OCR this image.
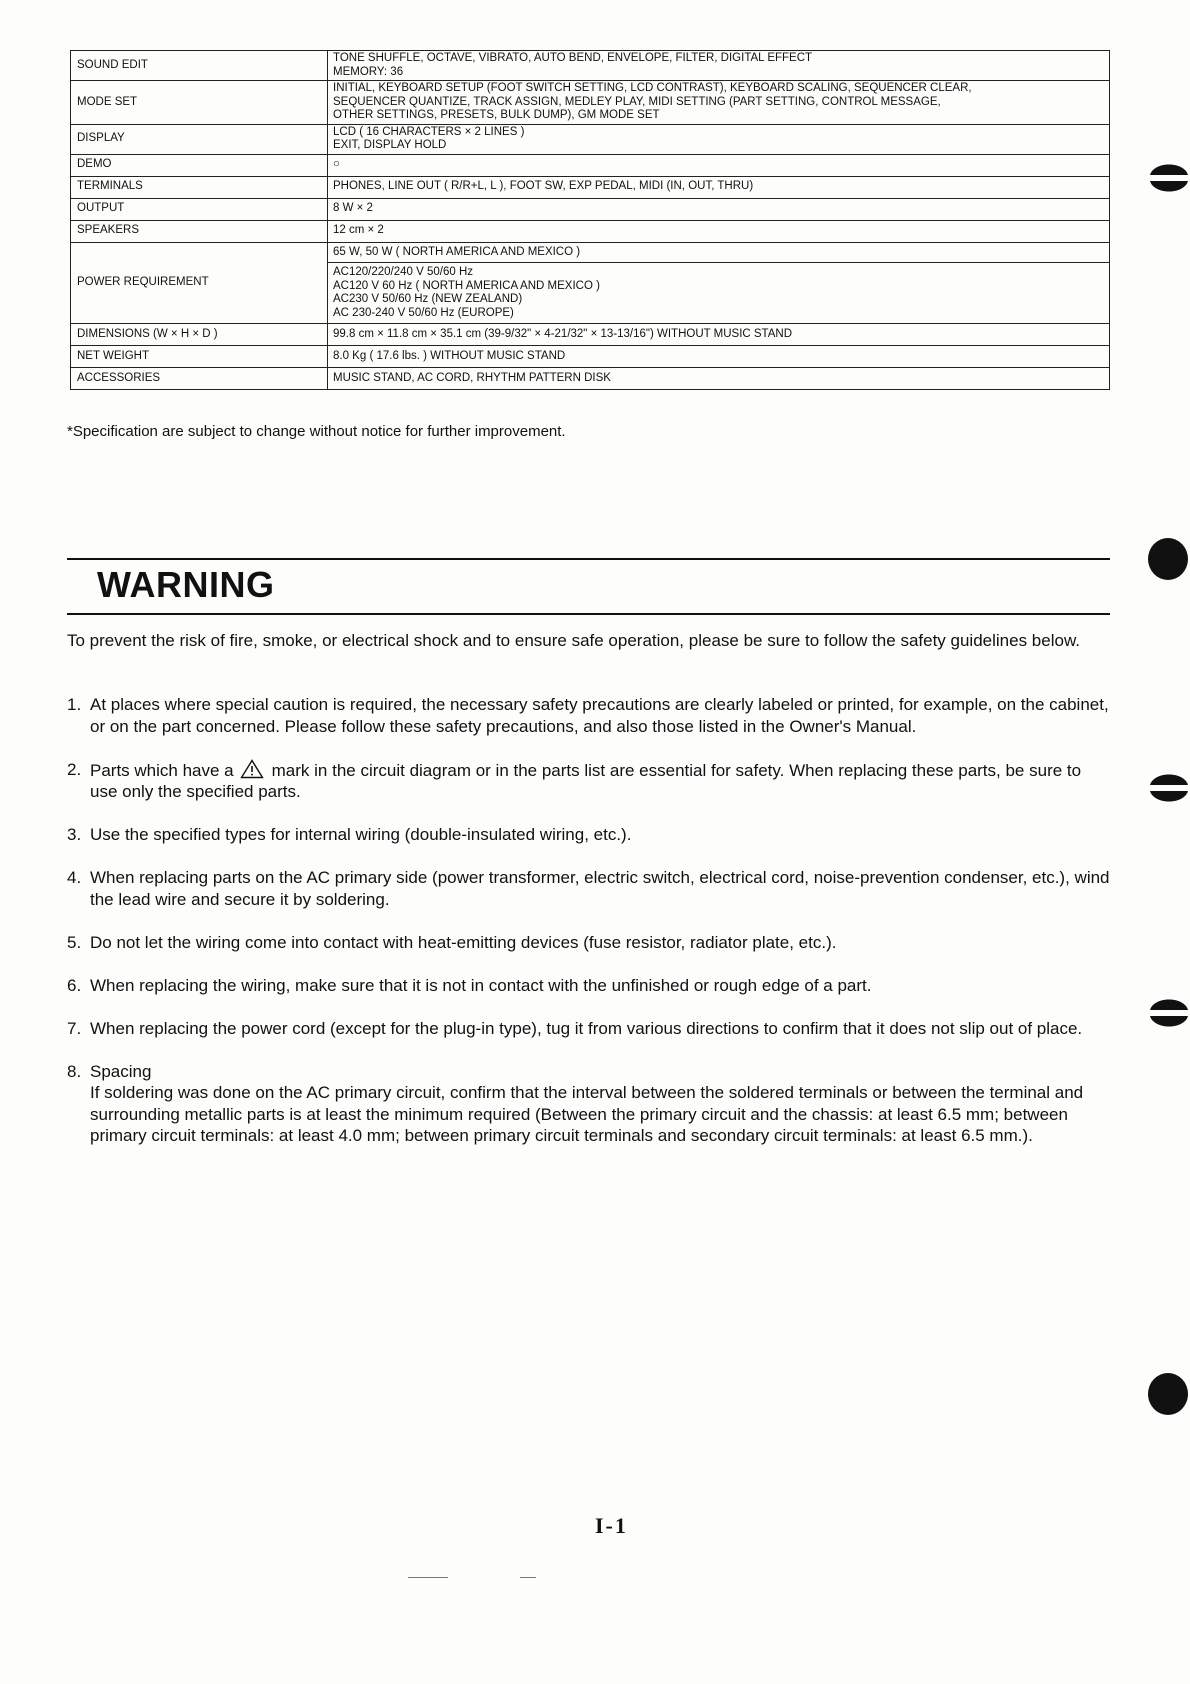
SOUND EDIT	TONE SHUFFLE, OCTAVE, VIBRATO, AUTO BEND, ENVELOPE, FILTER, DIGITAL EFFECT
MEMORY: 36

MODE SET	INITIAL, KEYBOARD SETUP (FOOT SWITCH SETTING, LCD CONTRAST), KEYBOARD SCALING, SEQUENCER CLEAR,
SEQUENCER QUANTIZE, TRACK ASSIGN, MEDLEY PLAY, MIDI SETTING (PART SETTING, CONTROL MESSAGE,
OTHER SETTINGS, PRESETS, BULK DUMP), GM MODE SET

DISPLAY	LCD ( 16 CHARACTERS × 2 LINES )
EXIT, DISPLAY HOLD

DEMO	○

TERMINALS	PHONES, LINE OUT ( R/R+L, L ), FOOT SW, EXP PEDAL, MIDI (IN, OUT, THRU)

OUTPUT	8 W × 2

SPEAKERS	12 cm × 2

POWER REQUIREMENT	65 W, 50 W ( NORTH AMERICA AND MEXICO )
AC120/220/240 V 50/60 Hz
AC120 V 60 Hz ( NORTH AMERICA AND MEXICO )
AC230 V 50/60 Hz (NEW ZEALAND)
AC 230-240 V 50/60 Hz (EUROPE)

DIMENSIONS (W × H × D )	99.8 cm × 11.8 cm × 35.1 cm (39-9/32" × 4-21/32" × 13-13/16") WITHOUT MUSIC STAND

NET WEIGHT	8.0 Kg ( 17.6 lbs. ) WITHOUT MUSIC STAND

ACCESSORIES	MUSIC STAND, AC CORD, RHYTHM PATTERN DISK

*Specification are subject to change without notice for further improvement.

WARNING

To prevent the risk of fire, smoke, or electrical shock and to ensure safe operation, please be sure to follow the safety guidelines below.

1. At places where special caution is required, the necessary safety precautions are clearly labeled or printed, for example, on the cabinet, or on the part concerned. Please follow these safety precautions, and also those listed in the Owner's Manual.
2. Parts which have a mark in the circuit diagram or in the parts list are essential for safety. When replacing these parts, be sure to use only the specified parts.
3. Use the specified types for internal wiring (double-insulated wiring, etc.).
4. When replacing parts on the AC primary side (power transformer, electric switch, electrical cord, noise-prevention condenser, etc.), wind the lead wire and secure it by soldering.
5. Do not let the wiring come into contact with heat-emitting devices (fuse resistor, radiator plate, etc.).
6. When replacing the wiring, make sure that it is not in contact with the unfinished or rough edge of a part.
7. When replacing the power cord (except for the plug-in type), tug it from various directions to confirm that it does not slip out of place.
8. Spacing
If soldering was done on the AC primary circuit, confirm that the interval between the soldered terminals or between the terminal and surrounding metallic parts is at least the minimum required (Between the primary circuit and the chassis: at least 6.5 mm; between primary circuit terminals: at least 4.0 mm; between primary circuit terminals and secondary circuit terminals: at least 6.5 mm.).

I-1
